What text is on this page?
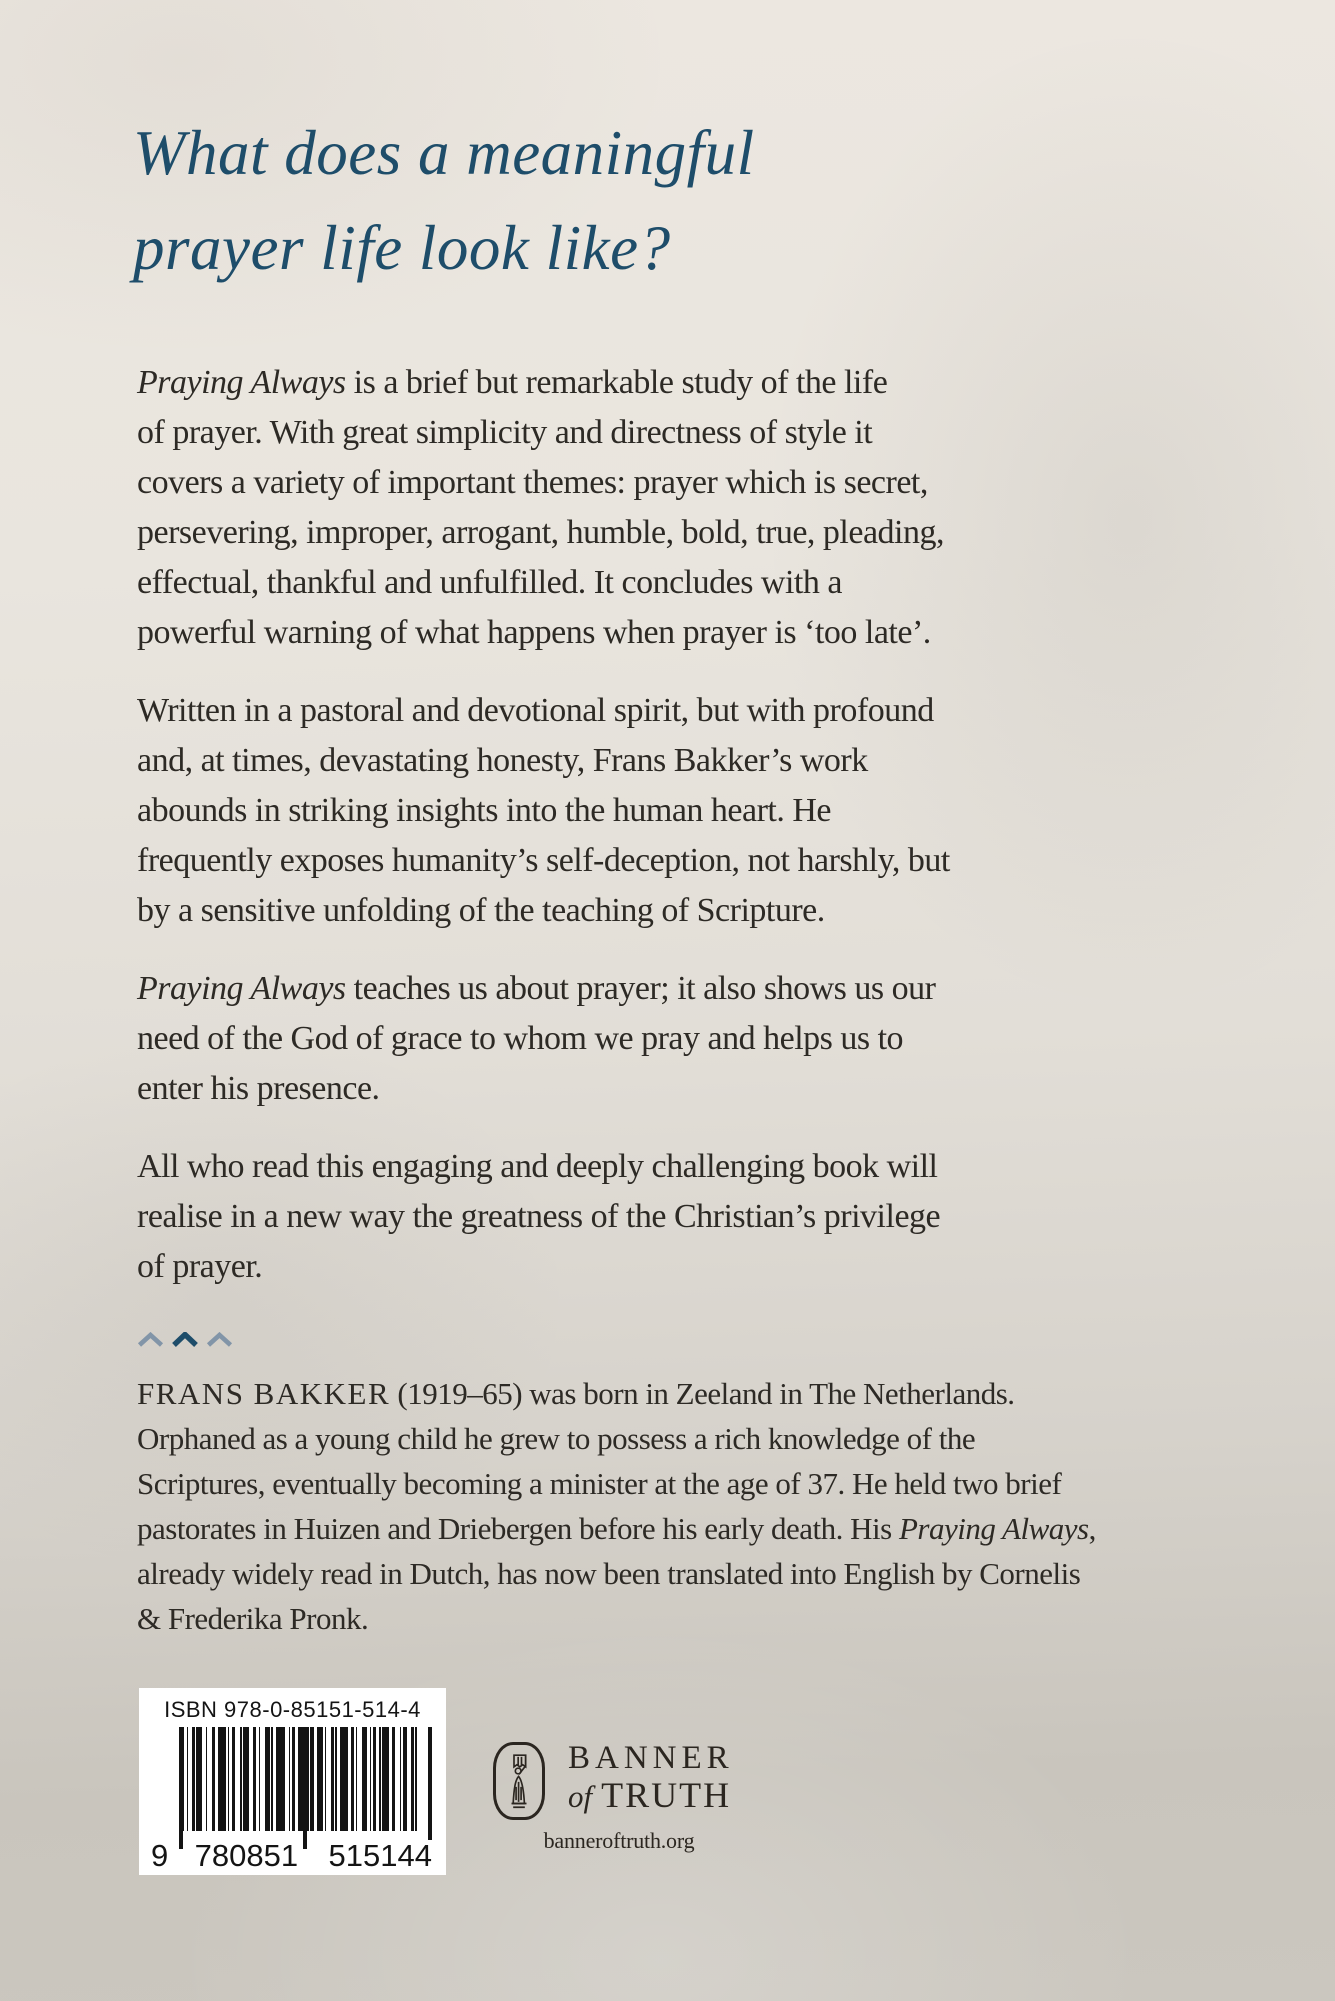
What does a meaningful
prayer life look like?

Praying Always is a brief but remarkable study of the life
of prayer. With great simplicity and directness of style it
covers a variety of important themes: prayer which is secret,
persevering, improper, arrogant, humble, bold, true, pleading,
effectual, thankful and unfulfilled. It concludes with a
powerful warning of what happens when prayer is ‘too late’.

Written in a pastoral and devotional spirit, but with profound
and, at times, devastating honesty, Frans Bakker’s work
abounds in striking insights into the human heart. He
frequently exposes humanity’s self-deception, not harshly, but
by a sensitive unfolding of the teaching of Scripture.

Praying Always teaches us about prayer; it also shows us our
need of the God of grace to whom we pray and helps us to
enter his presence.

All who read this engaging and deeply challenging book will
realise in a new way the greatness of the Christian’s privilege
of prayer.

FRANS BAKKER (1919–65) was born in Zeeland in The Netherlands.
Orphaned as a young child he grew to possess a rich knowledge of the
Scriptures, eventually becoming a minister at the age of 37. He held two brief
pastorates in Huizen and Driebergen before his early death. His Praying Always,
already widely read in Dutch, has now been translated into English by Cornelis
& Frederika Pronk.
ISBN 978-0-85151-514-4
9 780851 515144
BANNER
of TRUTH
banneroftruth.org
